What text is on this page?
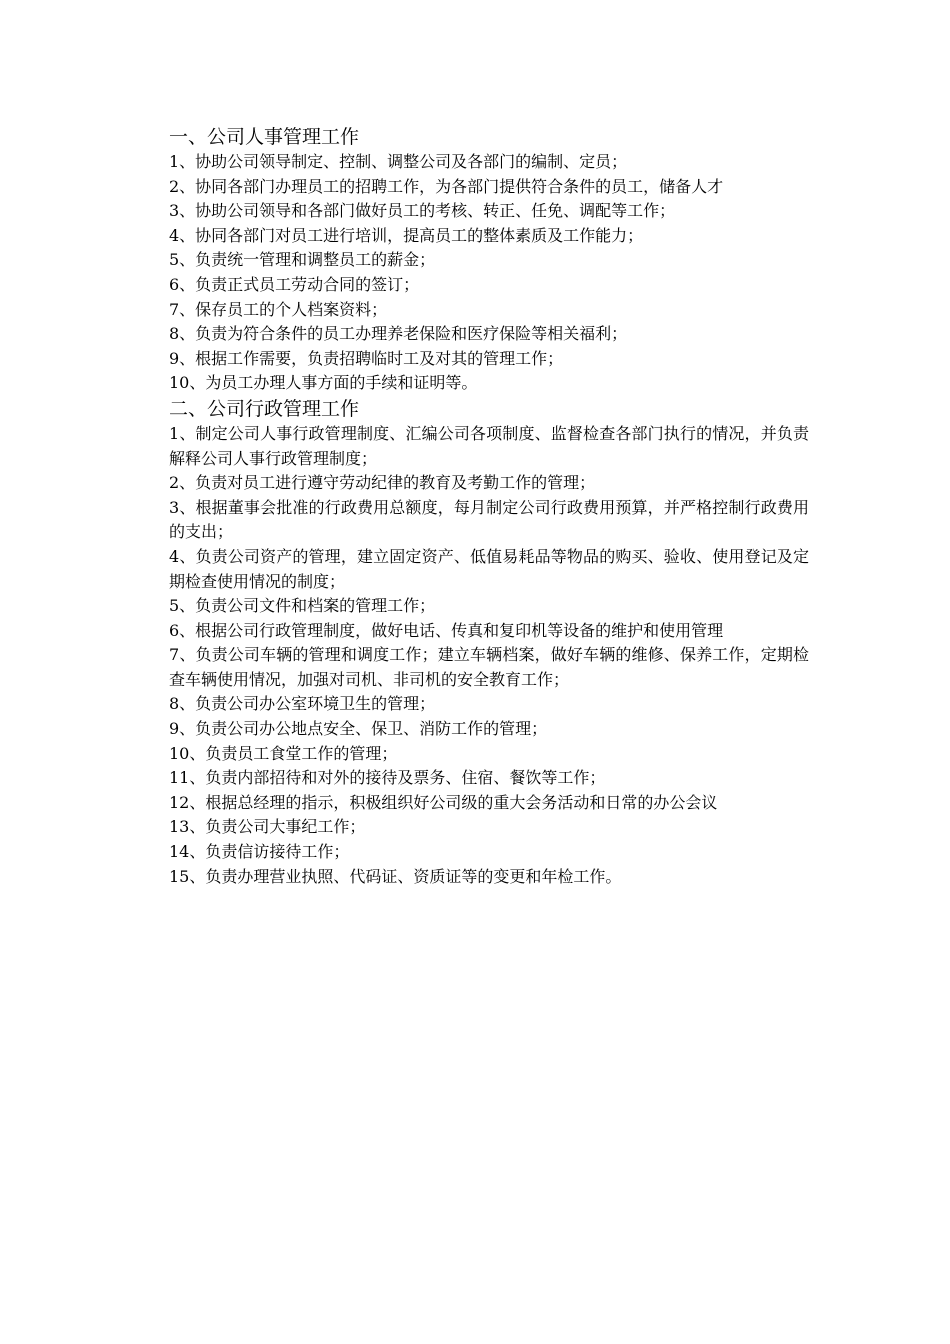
一、公司人事管理工作

1、协助公司领导制定、控制、调整公司及各部门的编制、定员；

2、协同各部门办理员工的招聘工作，为各部门提供符合条件的员工，储备人才

3、协助公司领导和各部门做好员工的考核、转正、任免、调配等工作；

4、协同各部门对员工进行培训，提高员工的整体素质及工作能力；

5、负责统一管理和调整员工的薪金；

6、负责正式员工劳动合同的签订；

7、保存员工的个人档案资料；

8、负责为符合条件的员工办理养老保险和医疗保险等相关福利；

9、根据工作需要，负责招聘临时工及对其的管理工作；

10、为员工办理人事方面的手续和证明等。

二、公司行政管理工作

1、制定公司人事行政管理制度、汇编公司各项制度、监督检查各部门执行的情况，并负责解释公司人事行政管理制度；

2、负责对员工进行遵守劳动纪律的教育及考勤工作的管理；

3、根据董事会批准的行政费用总额度，每月制定公司行政费用预算，并严格控制行政费用的支出；

4、负责公司资产的管理，建立固定资产、低值易耗品等物品的购买、验收、使用登记及定期检查使用情况的制度；

5、负责公司文件和档案的管理工作；

6、根据公司行政管理制度，做好电话、传真和复印机等设备的维护和使用管理

7、负责公司车辆的管理和调度工作；建立车辆档案，做好车辆的维修、保养工作，定期检查车辆使用情况，加强对司机、非司机的安全教育工作；

8、负责公司办公室环境卫生的管理；

9、负责公司办公地点安全、保卫、消防工作的管理；

10、负责员工食堂工作的管理；

11、负责内部招待和对外的接待及票务、住宿、餐饮等工作；

12、根据总经理的指示，积极组织好公司级的重大会务活动和日常的办公会议

13、负责公司大事纪工作；

14、负责信访接待工作；

15、负责办理营业执照、代码证、资质证等的变更和年检工作。
